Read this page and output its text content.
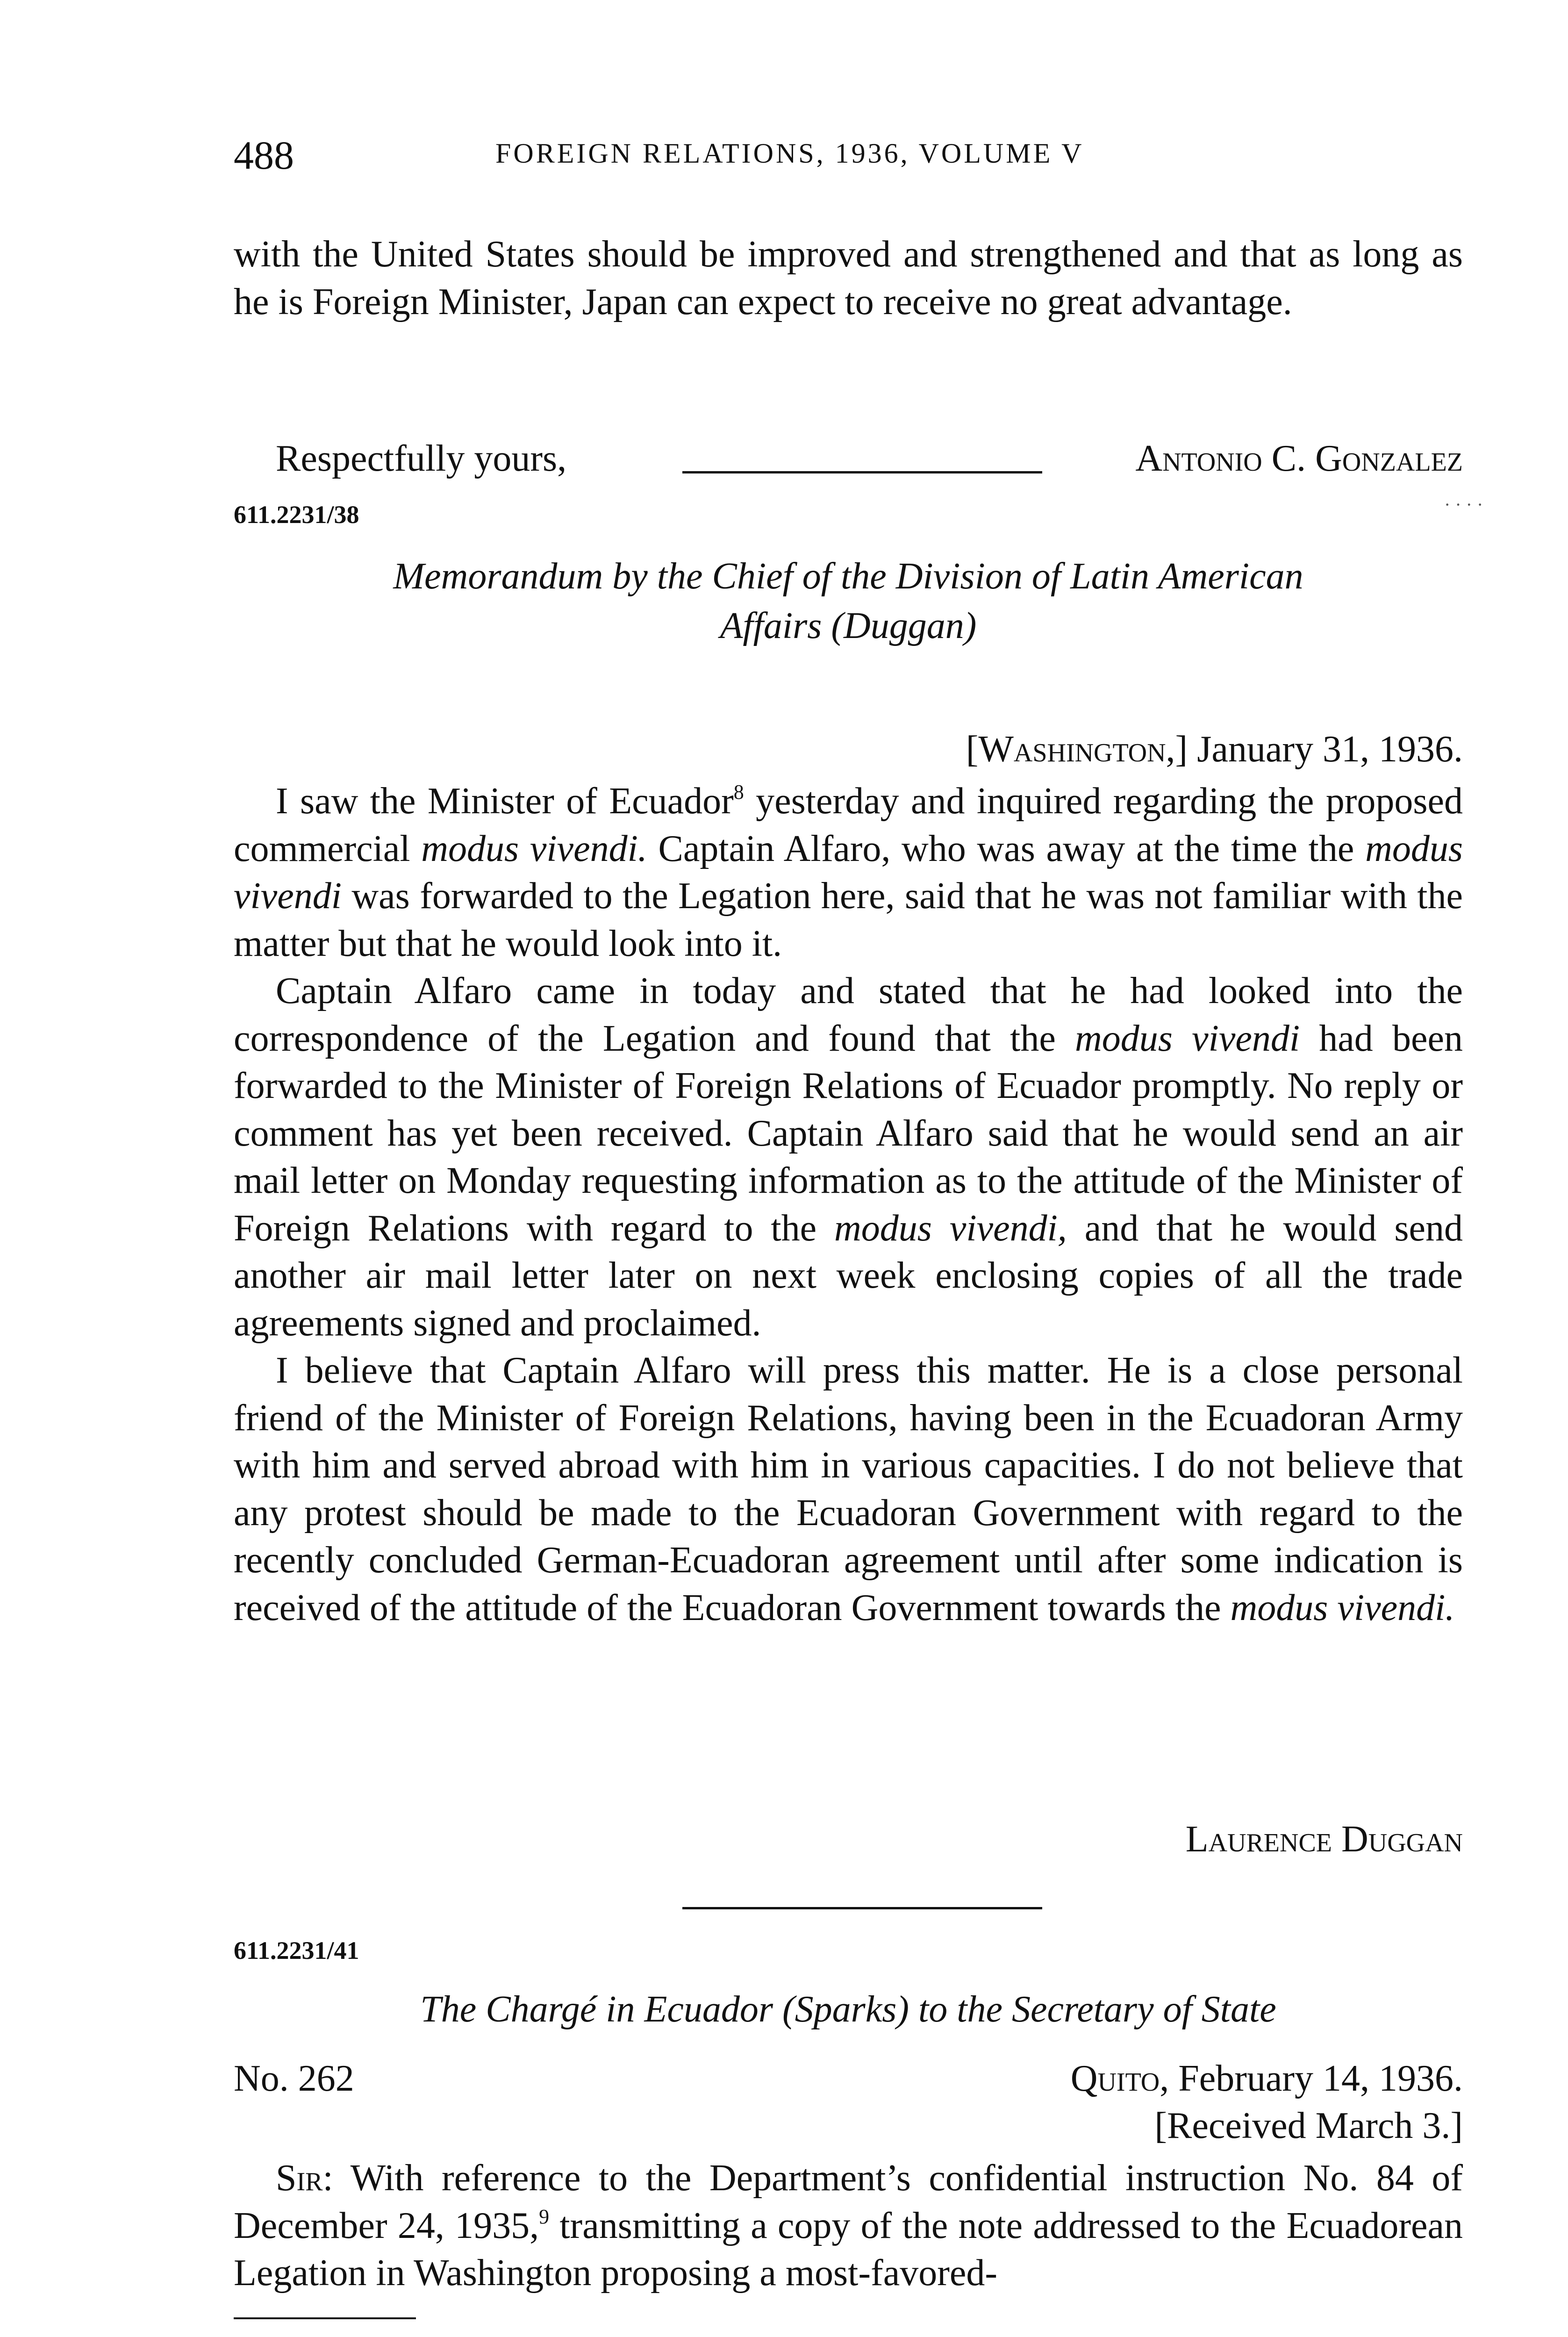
488	FOREIGN RELATIONS, 1936, VOLUME V

with the United States should be improved and strengthened and that as long as he is Foreign Minister, Japan can expect to receive no great advantage.

Respectfully yours,	Antonio C. Gonzalez
611.2231/38	· · · ·
Memorandum by the Chief of the Division of Latin American
Affairs (Duggan)
[Washington,] January 31, 1936.

I saw the Minister of Ecuador$^8$ yesterday and inquired regarding the proposed commercial modus vivendi. Captain Alfaro, who was away at the time the modus vivendi was forwarded to the Legation here, said that he was not familiar with the matter but that he would look into it.

Captain Alfaro came in today and stated that he had looked into the correspondence of the Legation and found that the modus vivendi had been forwarded to the Minister of Foreign Relations of Ecuador promptly. No reply or comment has yet been received. Captain Alfaro said that he would send an air mail letter on Monday requesting information as to the attitude of the Minister of Foreign Relations with regard to the modus vivendi, and that he would send another air mail letter later on next week enclosing copies of all the trade agreements signed and proclaimed.

I believe that Captain Alfaro will press this matter. He is a close personal friend of the Minister of Foreign Relations, having been in the Ecuadoran Army with him and served abroad with him in various capacities. I do not believe that any protest should be made to the Ecuadoran Government with regard to the recently concluded German-Ecuadoran agreement until after some indication is received of the attitude of the Ecuadoran Government towards the modus vivendi.

Laurence Duggan
611.2231/41
The Chargé in Ecuador (Sparks) to the Secretary of State
No. 262	Quito, February 14, 1936.
[Received March 3.]

Sir: With reference to the Department’s confidential instruction No. 84 of December 24, 1935,$^9$ transmitting a copy of the note addressed to the Ecuadorean Legation in Washington proposing a most-favored-
